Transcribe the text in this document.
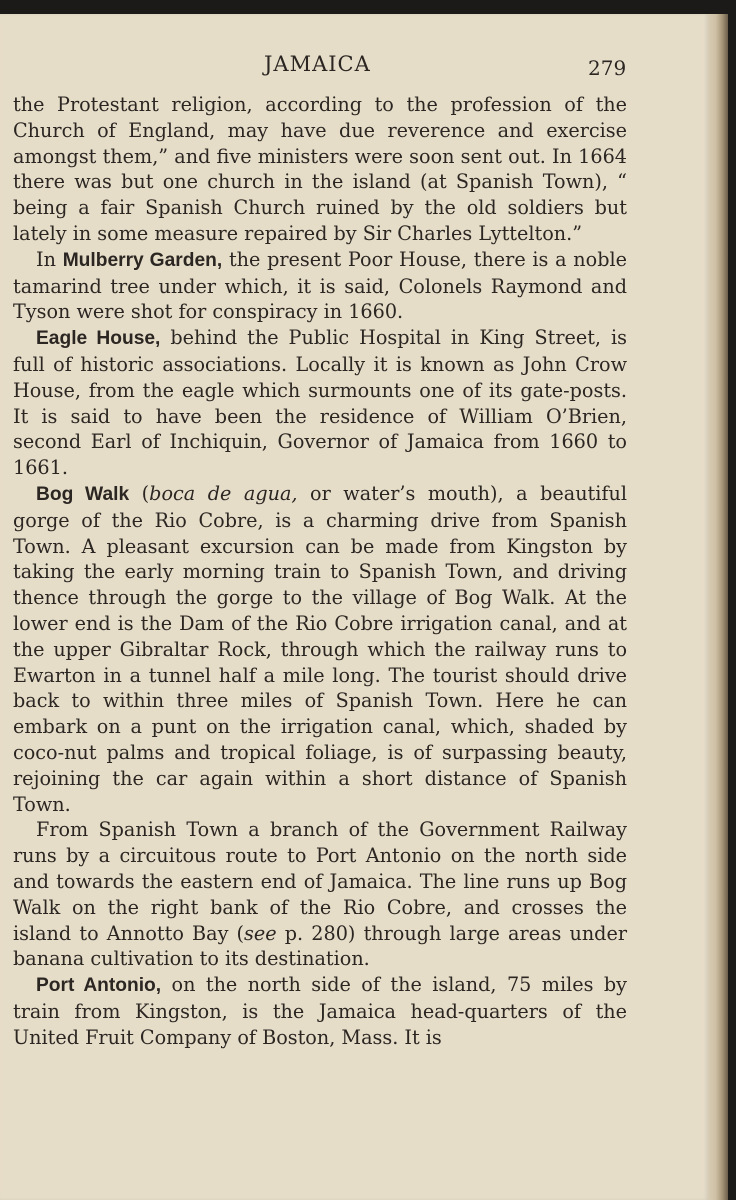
JAMAICA	279

the Protestant religion, according to the profession of the Church of England, may have due reverence and exercise amongst them,” and five ministers were soon sent out. In 1664 there was but one church in the island (at Spanish Town), “ being a fair Spanish Church ruined by the old soldiers but lately in some measure repaired by Sir Charles Lyttelton.”

In Mulberry Garden, the present Poor House, there is a noble tamarind tree under which, it is said, Colonels Raymond and Tyson were shot for conspiracy in 1660.

Eagle House, behind the Public Hospital in King Street, is full of historic associations. Locally it is known as John Crow House, from the eagle which surmounts one of its gate-posts. It is said to have been the residence of William O’Brien, second Earl of Inchiquin, Governor of Jamaica from 1660 to 1661.

Bog Walk (boca de agua, or water’s mouth), a beautiful gorge of the Rio Cobre, is a charming drive from Spanish Town. A pleasant excursion can be made from Kingston by taking the early morning train to Spanish Town, and driving thence through the gorge to the village of Bog Walk. At the lower end is the Dam of the Rio Cobre irrigation canal, and at the upper Gibraltar Rock, through which the railway runs to Ewarton in a tunnel half a mile long. The tourist should drive back to within three miles of Spanish Town. Here he can embark on a punt on the irrigation canal, which, shaded by coco-nut palms and tropical foliage, is of surpassing beauty, rejoining the car again within a short distance of Spanish Town.

From Spanish Town a branch of the Government Railway runs by a circuitous route to Port Antonio on the north side and towards the eastern end of Jamaica. The line runs up Bog Walk on the right bank of the Rio Cobre, and crosses the island to Annotto Bay (see p. 280) through large areas under banana cultivation to its destination.

Port Antonio, on the north side of the island, 75 miles by train from Kingston, is the Jamaica head-quarters of the United Fruit Company of Boston, Mass. It is
